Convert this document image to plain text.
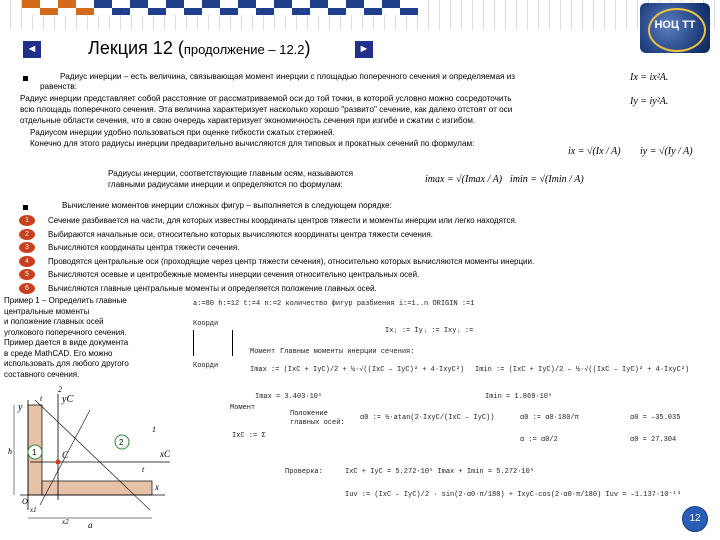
НОЦ ТТ
◄	►
Лекция 12 (продолжение – 12.2)
Радиус инерции – есть величина, связывающая момент инерции с площадью поперечного сечения и определяемая из
равенств:
Радиус инерции представляет собой расстояние от рассматриваемой оси до той точки, в которой условно можно сосредоточить
всю площадь поперечного сечения. Эта величина характеризует насколько хорошо "развито" сечение, как далеко отстоят от оси
отдельные области сечения, что в свою очередь характеризует экономичность сечения при изгибе и сжатии с изгибом.
Радиусом инерции удобно пользоваться при оценке гибкости сжатых стержней.
Конечно для этого радиусы инерции предварительно вычисляются для типовых и прокатных сечений по формулам:
Ix = ix²A.
Iy = iy²A.
ix = √(Ix / A) iy = √(Iy / A)
Радиусы инерции, соответствующие главным осям, называются
главными радиусами инерции и определяются по формулам:	imax = √(Imax / A) imin = √(Imin / A)
Вычисление моментов инерции сложных фигур – выполняется в следующем порядке:
1	Сечение разбивается на части, для которых известны координаты центров тяжести и моменты инерции или легко находятся.
2	Выбираются начальные оси, относительно которых вычисляются координаты центра тяжести сечения.
3	Вычисляются координаты центра тяжести сечения.
4	Проводятся центральные оси (проходящие через центр тяжести сечения), относительно которых вычисляются моменты инерции.
5	Вычисляются осевые и центробежные моменты инерции сечения относительно центральных осей.
6	Вычисляются главные центральные моменты и определяется положение главных осей.
Пример 1 – Определить главные
центральные моменты
и положение главных осей
уголкового поперечного сечения.
Пример дается в виде документа
в среде MathCAD. Его можно
использовать для любого другого
составного сечения.
y
yC
xC
x
t
t
h
a
x1
x2
O
C
2
1
1
2
a:=80 h:=12 t:=4 n:=2 количество фигур разбиения i:=1..n ORIGIN :=1
Коорди
Ixⱼ := Iyⱼ := Ixyⱼ :=
Коорди
Момент Главные моменты инерции сечения:
Imax := (IxC + IyC)/2 + ½·√((IxC – IyC)² + 4·IxyC²) Imin := (IxC + IyC)/2 – ½·√((IxC – IyC)² + 4·IxyC²)
Imax = 3.403·10⁵	Imin = 1.869·10⁵
Момент
Положение
главных осей:
α0 := ½·atan(2·IxyC/(IxC – IyC))	α0 := α0·180/π	α0 = –35.035
IxC := Σ	α := α0/2	α0 = 27.304
Проверка:	IxC + IyC = 5.272·10⁵ Imax + Imin = 5.272·10⁵
Iuv := (IxC – IyC)/2 · sin(2·α0·π/180) + IxyC·cos(2·α0·π/180) Iuv = –1.137·10⁻¹³
12
